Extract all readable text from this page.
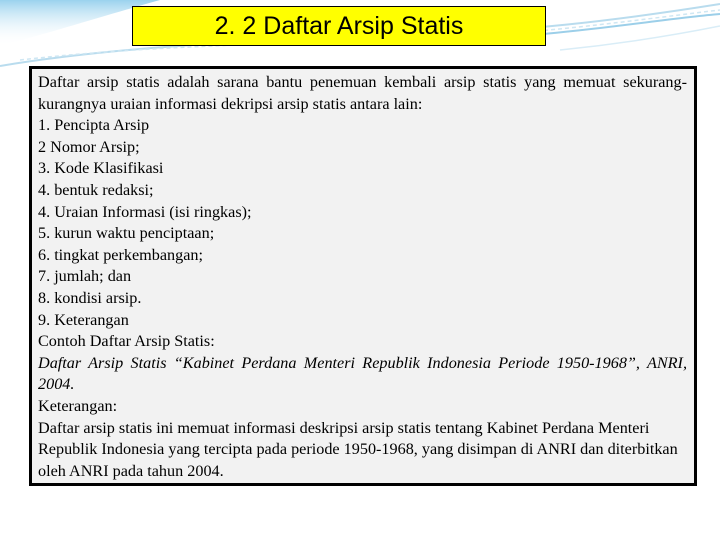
2. 2 Daftar Arsip Statis

Daftar arsip statis adalah sarana bantu penemuan kembali arsip statis yang memuat sekurang-kurangnya uraian informasi dekripsi arsip statis antara lain:

1. Pencipta Arsip

2 Nomor Arsip;

3. Kode Klasifikasi

4. bentuk redaksi;

4. Uraian Informasi (isi ringkas);

5. kurun waktu penciptaan;

6. tingkat perkembangan;

7. jumlah; dan

8. kondisi arsip.

9. Keterangan

Contoh Daftar Arsip Statis:

Daftar Arsip Statis “Kabinet Perdana Menteri Republik Indonesia Periode 1950-1968”, ANRI, 2004.

Keterangan:

Daftar arsip statis ini memuat informasi deskripsi arsip statis tentang Kabinet Perdana Menteri Republik Indonesia yang tercipta pada periode 1950-1968, yang disimpan di ANRI dan diterbitkan oleh ANRI pada tahun 2004.
